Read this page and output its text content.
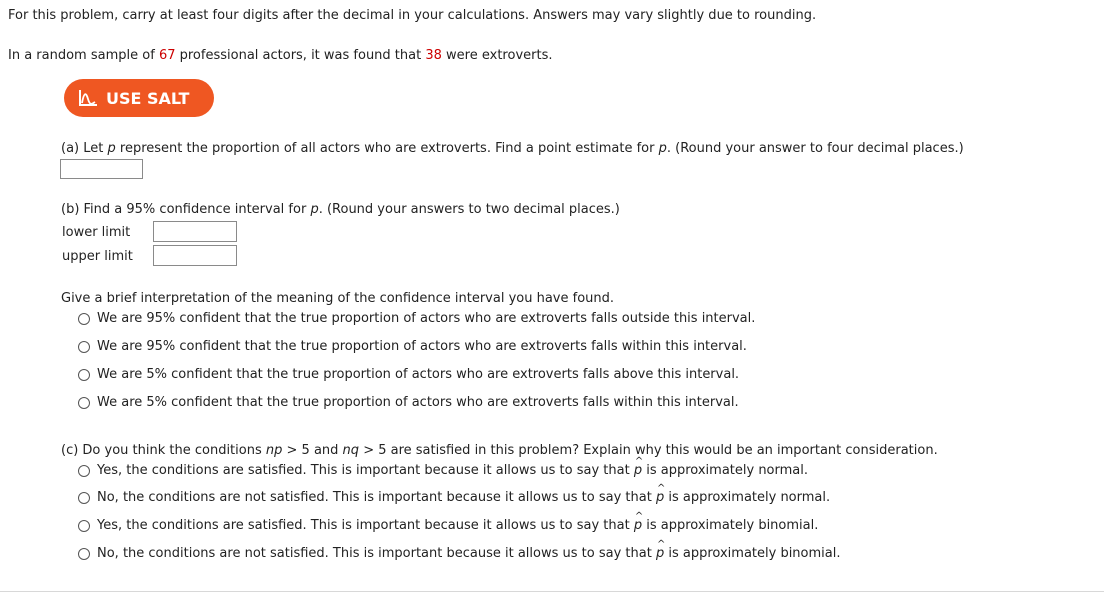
For this problem, carry at least four digits after the decimal in your calculations. Answers may vary slightly due to rounding.
In a random sample of 67 professional actors, it was found that 38 were extroverts.
USE SALT
(a) Let p represent the proportion of all actors who are extroverts. Find a point estimate for p. (Round your answer to four decimal places.)
(b) Find a 95% confidence interval for p. (Round your answers to two decimal places.)
lower limit
upper limit
Give a brief interpretation of the meaning of the confidence interval you have found.
We are 95% confident that the true proportion of actors who are extroverts falls outside this interval.
We are 95% confident that the true proportion of actors who are extroverts falls within this interval.
We are 5% confident that the true proportion of actors who are extroverts falls above this interval.
We are 5% confident that the true proportion of actors who are extroverts falls within this interval.
(c) Do you think the conditions np > 5 and nq > 5 are satisfied in this problem? Explain why this would be an important consideration.
Yes, the conditions are satisfied. This is important because it allows us to say that ^ p is approximately normal.
No, the conditions are not satisfied. This is important because it allows us to say that ^ p is approximately normal.
Yes, the conditions are satisfied. This is important because it allows us to say that ^ p is approximately binomial.
No, the conditions are not satisfied. This is important because it allows us to say that ^ p is approximately binomial.
